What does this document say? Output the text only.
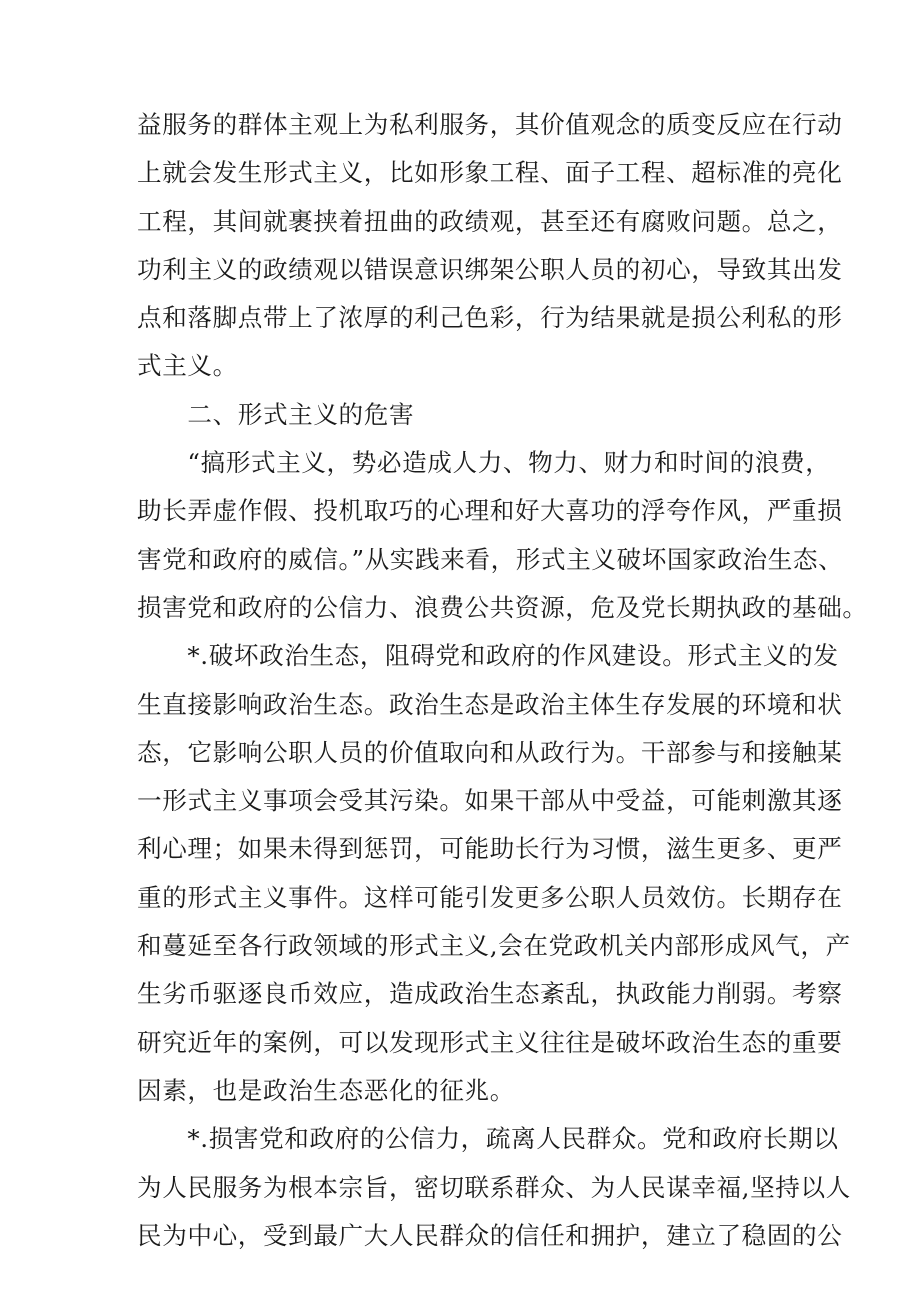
益服务的群体主观上为私利服务，其价值观念的质变反应在行动
上就会发生形式主义，比如形象工程、面子工程、超标准的亮化
工程，其间就裹挟着扭曲的政绩观，甚至还有腐败问题。总之，
功利主义的政绩观以错误意识绑架公职人员的初心，导致其出发
点和落脚点带上了浓厚的利己色彩，行为结果就是损公利私的形
式主义。
　　二、形式主义的危害
　　“搞形式主义，势必造成人力、物力、财力和时间的浪费，
助长弄虚作假、投机取巧的心理和好大喜功的浮夸作风，严重损
害党和政府的威信。”从实践来看，形式主义破坏国家政治生态、
损害党和政府的公信力、浪费公共资源，危及党长期执政的基础。
　　*.破坏政治生态，阻碍党和政府的作风建设。形式主义的发
生直接影响政治生态。政治生态是政治主体生存发展的环境和状
态，它影响公职人员的价值取向和从政行为。干部参与和接触某
一形式主义事项会受其污染。如果干部从中受益，可能刺激其逐
利心理；如果未得到惩罚，可能助长行为习惯，滋生更多、更严
重的形式主义事件。这样可能引发更多公职人员效仿。长期存在
和蔓延至各行政领域的形式主义,会在党政机关内部形成风气，产
生劣币驱逐良币效应，造成政治生态紊乱，执政能力削弱。考察
研究近年的案例，可以发现形式主义往往是破坏政治生态的重要
因素，也是政治生态恶化的征兆。
　　*.损害党和政府的公信力，疏离人民群众。党和政府长期以
为人民服务为根本宗旨，密切联系群众、为人民谋幸福,坚持以人
民为中心，受到最广大人民群众的信任和拥护，建立了稳固的公
